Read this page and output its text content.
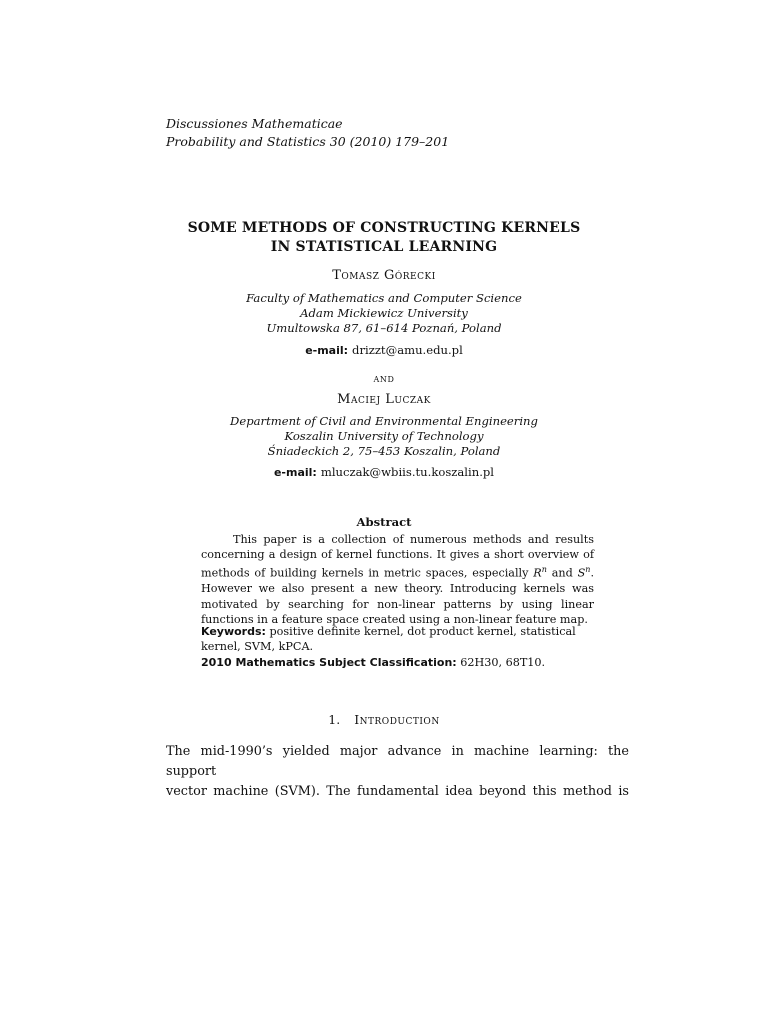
Discussiones Mathematicae
Probability and Statistics 30 (2010) 179–201
SOME METHODS OF CONSTRUCTING KERNELS
IN STATISTICAL LEARNING
Tomasz Górecki
Faculty of Mathematics and Computer Science
Adam Mickiewicz University
Umultowska 87, 61–614 Poznań, Poland
e-mail: drizzt@amu.edu.pl
and
Maciej Luczak
Department of Civil and Environmental Engineering
Koszalin University of Technology
Śniadeckich 2, 75–453 Koszalin, Poland
e-mail: mluczak@wbiis.tu.koszalin.pl
Abstract

This paper is a collection of numerous methods and results concerning a design of kernel functions. It gives a short overview of methods of building kernels in metric spaces, especially $R^n$ and $S^n$. However we also present a new theory. Introducing kernels was motivated by searching for non-linear patterns by using linear functions in a feature space created using a non-linear feature map.

Keywords: positive definite kernel, dot product kernel, statistical kernel, SVM, kPCA.
2010 Mathematics Subject Classification: 62H30, 68T10.
1. Introduction
The mid-1990’s yielded major advance in machine learning: the support
vector machine (SVM). The fundamental idea beyond this method is
